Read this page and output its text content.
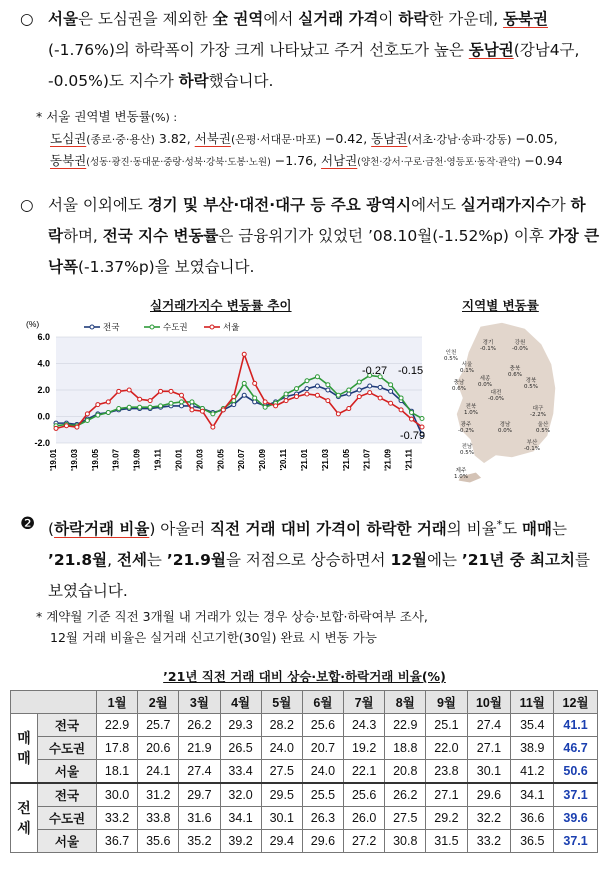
○ 서울은 도심권을 제외한 全 권역에서 실거래 가격이 하락한 가운데, 동북권(-1.76%)의 하락폭이 가장 크게 나타났고 주거 선호도가 높은 동남권(강남4구, -0.05%)도 지수가 하락했습니다.
* 서울 권역별 변동률(%) :
도심권(종로·중·용산) 3.82, 서북권(은평·서대문·마포) −0.42, 동남권(서초·강남·송파·강동) −0.05,
동북권(성동·광진·동대문·중랑·성북·강북·도봉·노원) −1.76, 서남권(양천·강서·구로·금천·영등포·동작·관악) −0.94
○ 서울 이외에도 경기 및 부산·대전·대구 등 주요 광역시에서도 실거래가지수가 하락하며, 전국 지수 변동률은 금융위기가 있었던 ’08.10월(-1.52%p) 이후 가장 큰 낙폭(-1.37%p)을 보였습니다.
실거래가지수 변동률 추이
6.0
4.0
2.0
0.0
-2.0
(%)
'19.01 '19.03 '19.05 '19.07 '19.09 '19.11 '20.01 '20.03 '20.05 '20.07 '20.09 '20.11 '21.01 '21.03 '21.05 '21.07 '21.09 '21.11
전국	수도권	서울
-0.27 -0.15
-0.79
지역별 변동률
경기
-0.1%
인천
0.5%
강원
-0.0%
서울
0.1%	충북
0.6%
충남
0.6%
세종
0.0%
대전
-0.0%
경북
0.5%
대구
-2.2%
전북
1.0%
울산
0.5%
광주
-0.2%
부산
-0.1%
경남
0.0%
전남
0.5%
제주
1.0%
❷ (하락거래 비율) 아울러 직전 거래 대비 가격이 하락한 거래의 비율*도 매매는 ’21.8월, 전세는 ’21.9월을 저점으로 상승하면서 12월에는 ’21년 중 최고치를 보였습니다.
* 계약월 기준 직전 3개월 내 거래가 있는 경우 상승·보합·하락여부 조사,
12월 거래 비율은 실거래 신고기한(30일) 완료 시 변동 가능
’21년 직전 거래 대비 상승·보합·하락거래 비율(%)
		1월	2월	3월	4월	5월	6월	7월	8월	9월	10월	11월	12월
매
매	전국	22.9	25.7	26.2	29.3	28.2	25.6	24.3	22.9	25.1	27.4	35.4	41.1
	수도권	17.8	20.6	21.9	26.5	24.0	20.7	19.2	18.8	22.0	27.1	38.9	46.7
	서울	18.1	24.1	27.4	33.4	27.5	24.0	22.1	20.8	23.8	30.1	41.2	50.6
전
세	전국	30.0	31.2	29.7	32.0	29.5	25.5	25.6	26.2	27.1	29.6	34.1	37.1
	수도권	33.2	33.8	31.6	34.1	30.1	26.3	26.0	27.5	29.2	32.2	36.6	39.6
	서울	36.7	35.6	35.2	39.2	29.4	29.6	27.2	30.8	31.5	33.2	36.5	37.1
